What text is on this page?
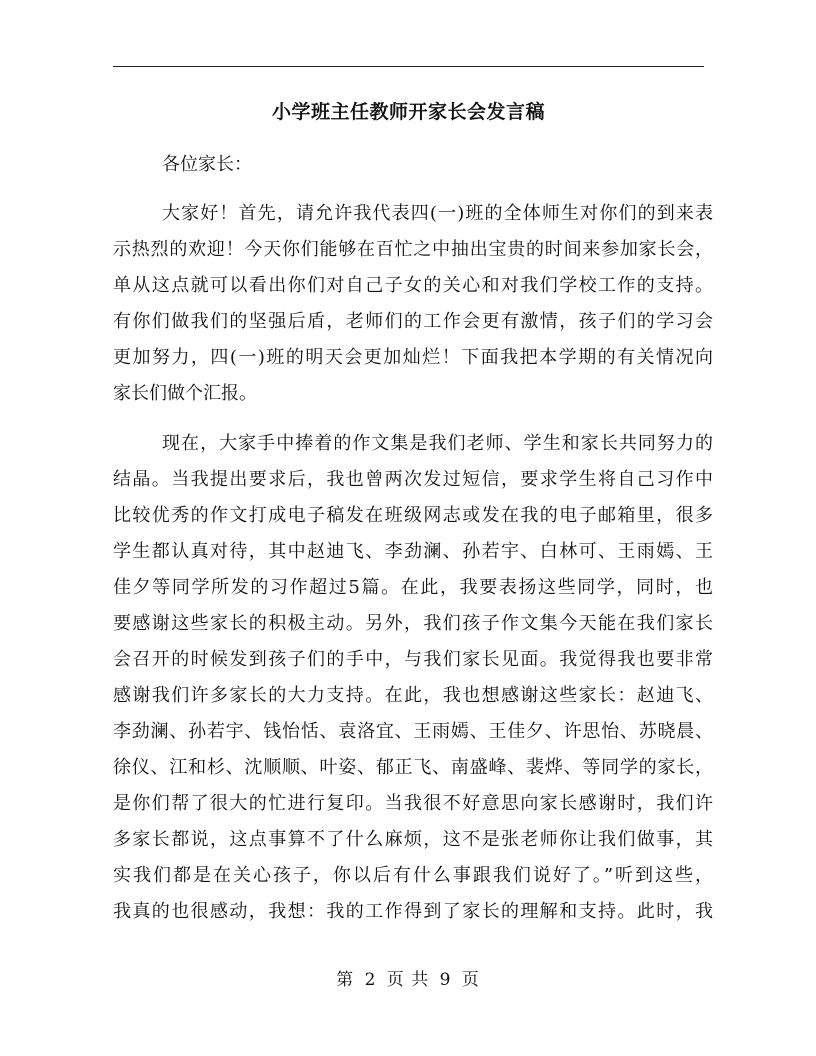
小学班主任教师开家长会发言稿
各位家长：
大家好！首先，请允许我代表四(一)班的全体师生对你们的到来表
示热烈的欢迎！今天你们能够在百忙之中抽出宝贵的时间来参加家长会，
单从这点就可以看出你们对自己子女的关心和对我们学校工作的支持。
有你们做我们的坚强后盾，老师们的工作会更有激情，孩子们的学习会
更加努力，四(一)班的明天会更加灿烂！下面我把本学期的有关情况向
家长们做个汇报。
现在，大家手中捧着的作文集是我们老师、学生和家长共同努力的
结晶。当我提出要求后，我也曾两次发过短信，要求学生将自己习作中
比较优秀的作文打成电子稿发在班级网志或发在我的电子邮箱里，很多
学生都认真对待，其中赵迪飞、李劲澜、孙若宇、白林可、王雨嫣、王
佳夕等同学所发的习作超过5篇。在此，我要表扬这些同学，同时，也
要感谢这些家长的积极主动。另外，我们孩子作文集今天能在我们家长
会召开的时候发到孩子们的手中，与我们家长见面。我觉得我也要非常
感谢我们许多家长的大力支持。在此，我也想感谢这些家长：赵迪飞、
李劲澜、孙若宇、钱怡恬、袁洛宜、王雨嫣、王佳夕、许思怡、苏晓晨、
徐仪、江和杉、沈顺顺、叶姿、郁正飞、南盛峰、裴烨、等同学的家长，
是你们帮了很大的忙进行复印。当我很不好意思向家长感谢时，我们许
多家长都说，这点事算不了什么麻烦，这不是张老师你让我们做事，其
实我们都是在关心孩子，你以后有什么事跟我们说好了。”听到这些，
我真的也很感动，我想：我的工作得到了家长的理解和支持。此时，我
第 2 页 共 9 页
